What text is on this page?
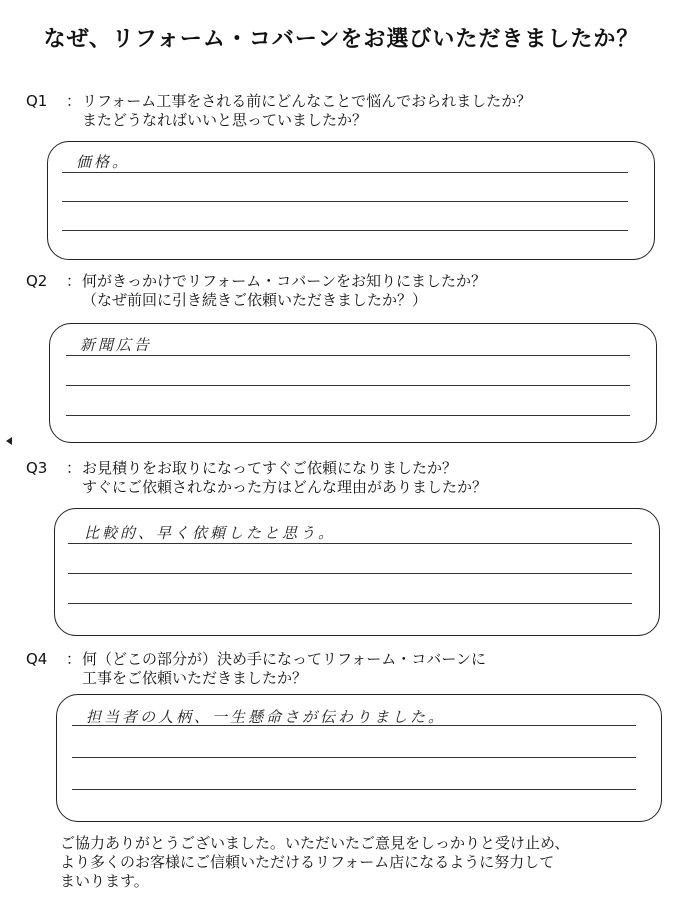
なぜ、リフォーム・コバーンをお選びいただきましたか？
Q1	： リフォーム工事をされる前にどんなことで悩んでおられましたか？
またどうなればいいと思っていましたか？
価格。
Q2	： 何がきっかけでリフォーム・コバーンをお知りにましたか？
（なぜ前回に引き続きご依頼いただきましたか？）
新聞広告
Q3	： お見積りをお取りになってすぐご依頼になりましたか？
すぐにご依頼されなかった方はどんな理由がありましたか？
比較的、早く依頼したと思う。
Q4	： 何（どこの部分が）決め手になってリフォーム・コバーンに
工事をご依頼いただきましたか？
担当者の人柄、一生懸命さが伝わりました。
ご協力ありがとうございました。いただいたご意見をしっかりと受け止め、
より多くのお客様にご信頼いただけるリフォーム店になるように努力して
まいります。
